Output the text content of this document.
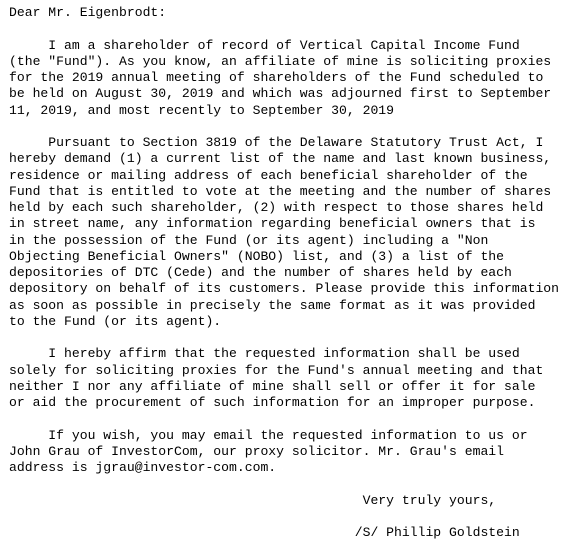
Dear Mr. Eigenbrodt:
I am a shareholder of record of Vertical Capital Income Fund
(the "Fund"). As you know, an affiliate of mine is soliciting proxies
for the 2019 annual meeting of shareholders of the Fund scheduled to
be held on August 30, 2019 and which was adjourned first to September
11, 2019, and most recently to September 30, 2019
Pursuant to Section 3819 of the Delaware Statutory Trust Act, I
hereby demand (1) a current list of the name and last known business,
residence or mailing address of each beneficial shareholder of the
Fund that is entitled to vote at the meeting and the number of shares
held by each such shareholder, (2) with respect to those shares held
in street name, any information regarding beneficial owners that is
in the possession of the Fund (or its agent) including a "Non
Objecting Beneficial Owners" (NOBO) list, and (3) a list of the
depositories of DTC (Cede) and the number of shares held by each
depository on behalf of its customers. Please provide this information
as soon as possible in precisely the same format as it was provided
to the Fund (or its agent).
I hereby affirm that the requested information shall be used
solely for soliciting proxies for the Fund's annual meeting and that
neither I nor any affiliate of mine shall sell or offer it for sale
or aid the procurement of such information for an improper purpose.
If you wish, you may email the requested information to us or
John Grau of InvestorCom, our proxy solicitor. Mr. Grau's email
address is jgrau@investor-com.com.
Very truly yours,
/S/ Phillip Goldstein
